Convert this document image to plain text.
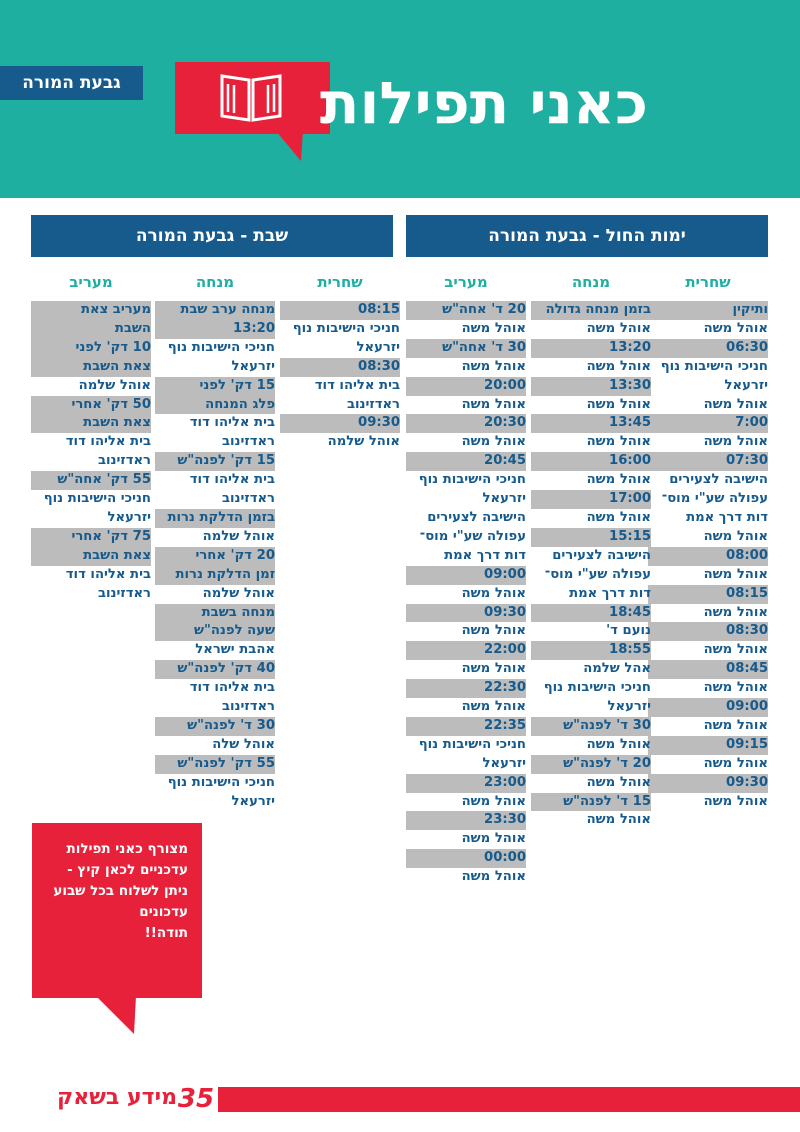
גבעת המורה	כאני תפילות
ימות החול - גבעת המורה
שבת - גבעת המורה
שחרית
ותיקין
אוהל משה
06:30
חניכי הישיבות נוף
יזרעאל
אוהל משה
7:00
אוהל משה
07:30
הישיבה לצעירים
עפולה שע"י מוס־
דות דרך אמת
אוהל משה
08:00
אוהל משה
08:15
אוהל משה
08:30
אוהל משה
08:45
אוהל משה
09:00
אוהל משה
09:15
אוהל משה
09:30
אוהל משה
מנחה
בזמן מנחה גדולה
אוהל משה
13:20
אוהל משה
13:30
אוהל משה
13:45
אוהל משה
16:00
אוהל משה
17:00
אוהל משה
15:15
הישיבה לצעירים
עפולה שע"י מוס־
דות דרך אמת
18:45
נועם ד'
18:55
אהל שלמה
חניכי הישיבות נוף
יזרעאל
30 ד' לפנה"ש
אוהל משה
20 ד' לפנה"ש
אוהל משה
15 ד' לפנה"ש
אוהל משה
מעריב
20 ד' אחה"ש
אוהל משה
30 ד' אחה"ש
אוהל משה
20:00
אוהל משה
20:30
אוהל משה
20:45
חניכי הישיבות נוף
יזרעאל
הישיבה לצעירים
עפולה שע"י מוס־
דות דרך אמת
09:00
אוהל משה
09:30
אוהל משה
22:00
אוהל משה
22:30
אוהל משה
22:35
חניכי הישיבות נוף
יזרעאל
23:00
אוהל משה
23:30
אוהל משה
00:00
אוהל משה
שחרית
08:15
חניכי הישיבות נוף
יזרעאל
08:30
בית אליהו דוד
ראדזינוב
09:30
אוהל שלמה
מנחה
מנחה ערב שבת
13:20
חניכי הישיבות נוף
יזרעאל
15 דק' לפני
פלג המנחה
בית אליהו דוד
ראדזינוב
15 דק' לפנה"ש
בית אליהו דוד
ראדזינוב
בזמן הדלקת נרות
אוהל שלמה
20 דק' אחרי
זמן הדלקת נרות
אוהל שלמה
מנחה בשבת
שעה לפנה"ש
אהבת ישראל
40 דק' לפנה"ש
בית אליהו דוד
ראדזינוב
30 ד' לפנה"ש
אוהל שלה
55 דק' לפנה"ש
חניכי הישיבות נוף
יזרעאל
מעריב
מעריב צאת
השבת
10 דק' לפני
צאת השבת
אוהל שלמה
50 דק' אחרי
צאת השבת
בית אליהו דוד
ראדזינוב
55 דק' אחה"ש
חניכי הישיבות נוף
יזרעאל
75 דק' אחרי
צאת השבת
בית אליהו דוד
ראדזינוב
מצורף כאני תפילות
עדכניים לכאן קיץ -
ניתן לשלוח בכל שבוע
עדכונים
תודה!!
35
מידע בשאק
